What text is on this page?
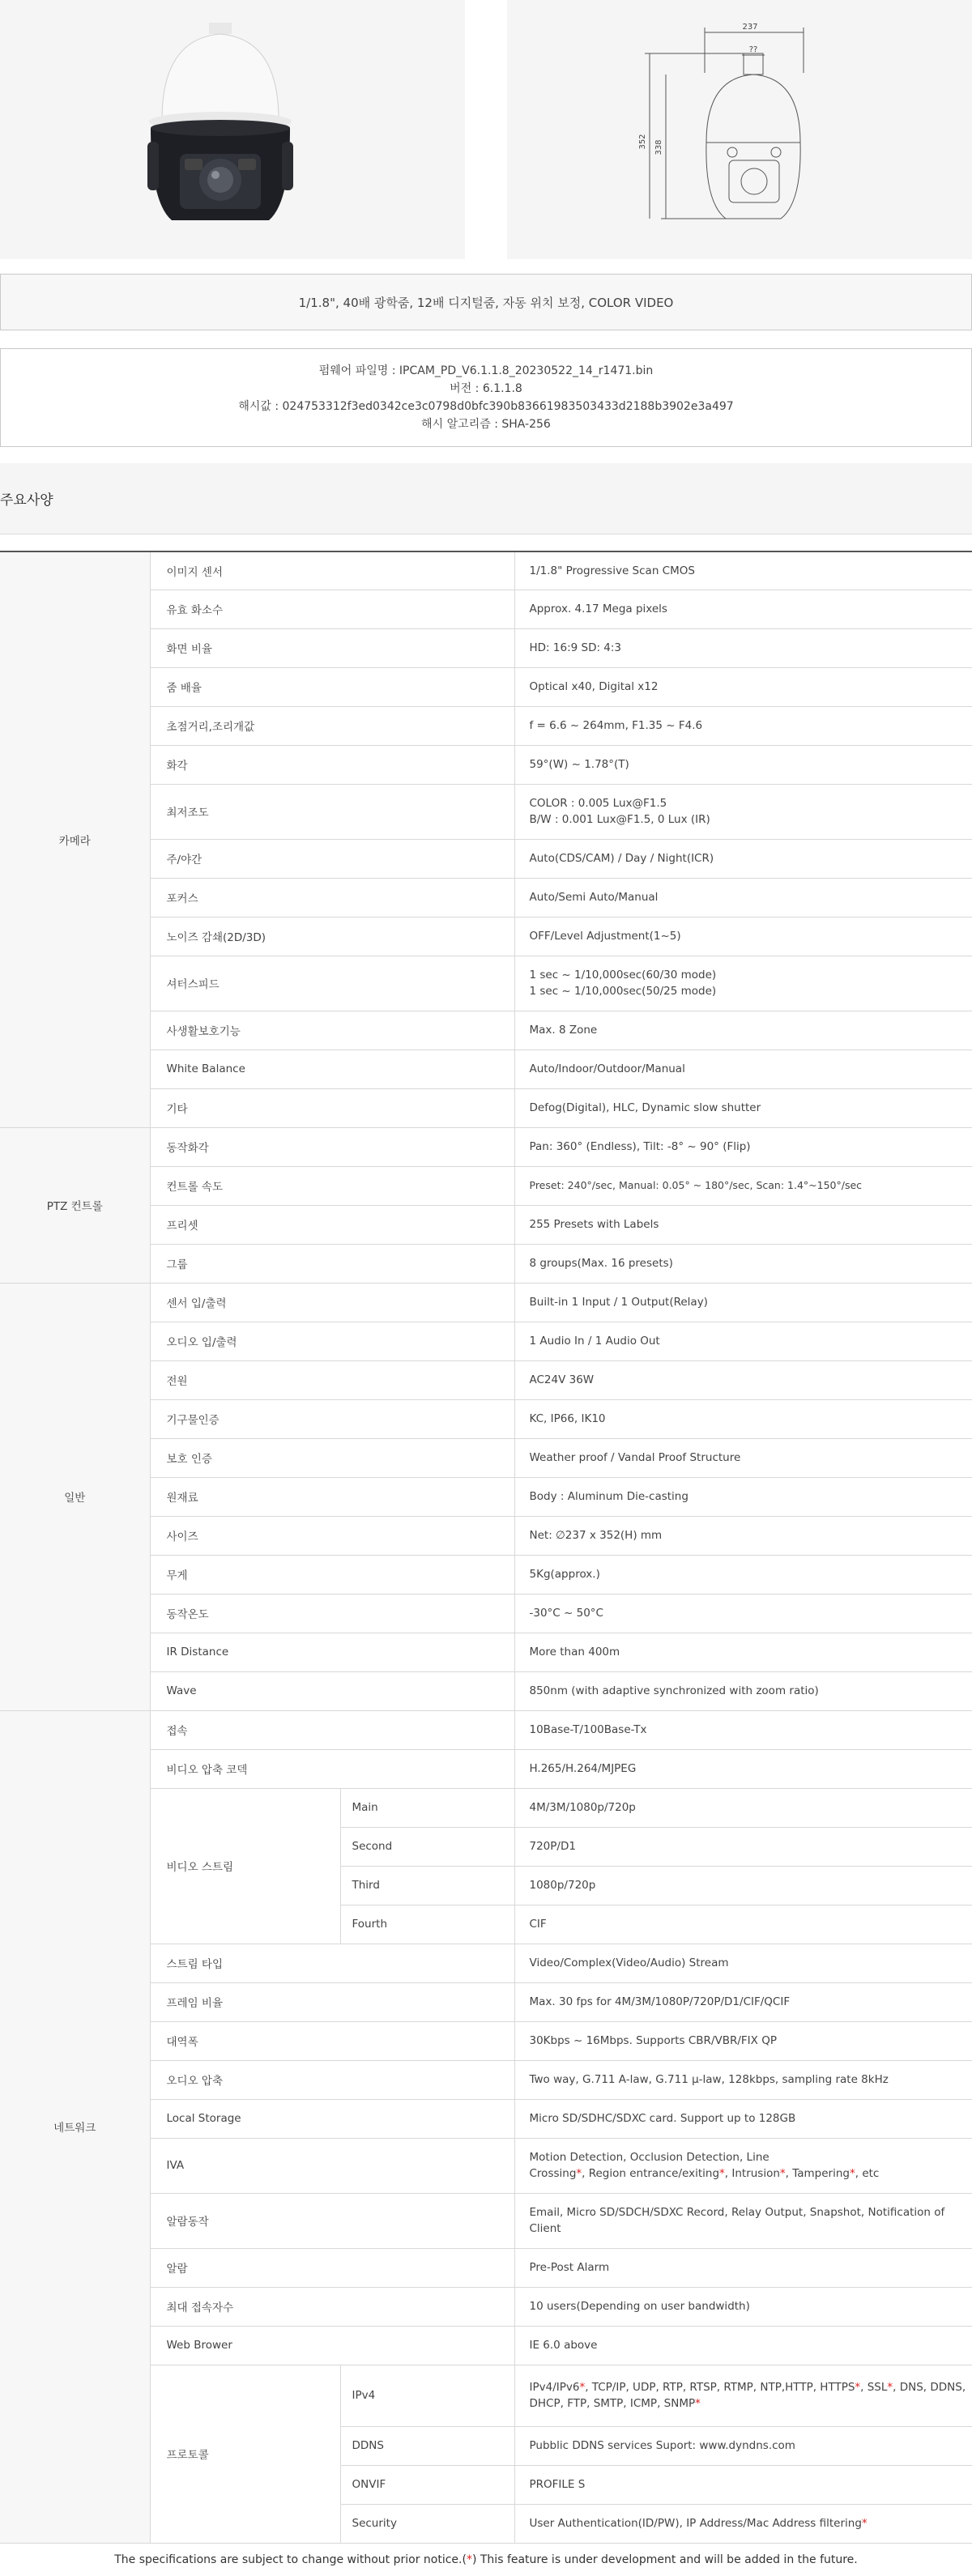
237
??
352 338
1/1.8", 40배 광학줌, 12배 디지털줌, 자동 위치 보정, COLOR VIDEO
펌웨어 파일명 : IPCAM_PD_V6.1.1.8_20230522_14_r1471.bin
버전 : 6.1.1.8
해시값 : 024753312f3ed0342ce3c0798d0bfc390b83661983503433d2188b3902e3a497
해시 알고리즘 : SHA-256
주요사양
카메라	이미지 센서		1/1.8" Progressive Scan CMOS
	유효 화소수		Approx. 4.17 Mega pixels
	화면 비율		HD: 16:9 SD: 4:3
	줌 배율		Optical x40, Digital x12
	초점거리,조리개값		f = 6.6 ~ 264mm, F1.35 ~ F4.6
	화각		59°(W) ~ 1.78°(T)
	최저조도		COLOR : 0.005 Lux@F1.5
B/W : 0.001 Lux@F1.5, 0 Lux (IR)

	주/야간		Auto(CDS/CAM) / Day / Night(ICR)
	포커스		Auto/Semi Auto/Manual
	노이즈 감쇄(2D/3D)		OFF/Level Adjustment(1~5)
	셔터스피드		1 sec ~ 1/10,000sec(60/30 mode)
1 sec ~ 1/10,000sec(50/25 mode)

	사생활보호기능		Max. 8 Zone
	White Balance		Auto/Indoor/Outdoor/Manual
	기타		Defog(Digital), HLC, Dynamic slow shutter
PTZ 컨트롤	동작화각		Pan: 360° (Endless), Tilt: -8° ~ 90° (Flip)
	컨트롤 속도		Preset: 240°/sec, Manual: 0.05° ~ 180°/sec, Scan: 1.4°~150°/sec
	프리셋		255 Presets with Labels
	그룹		8 groups(Max. 16 presets)
일반	센서 입/출력		Built-in 1 Input / 1 Output(Relay)
	오디오 입/출력		1 Audio In / 1 Audio Out
	전원		AC24V 36W
	기구물인증		KC, IP66, IK10
	보호 인증		Weather proof / Vandal Proof Structure
	원재료		Body : Aluminum Die-casting
	사이즈		Net: ∅237 x 352(H) mm
	무게		5Kg(approx.)
	동작온도		-30°C ~ 50°C
	IR Distance		More than 400m
	Wave		850nm (with adaptive synchronized with zoom ratio)
네트워크	접속		10Base-T/100Base-Tx
	비디오 압축 코덱		H.265/H.264/MJPEG
	비디오 스트림	Main	4M/3M/1080p/720p
		Second	720P/D1
		Third	1080p/720p
		Fourth	CIF
	스트림 타입		Video/Complex(Video/Audio) Stream
	프레임 비율		Max. 30 fps for 4M/3M/1080P/720P/D1/CIF/QCIF
	대역폭		30Kbps ~ 16Mbps. Supports CBR/VBR/FIX QP
	오디오 압축		Two way, G.711 A-law, G.711 μ-law, 128kbps, sampling rate 8kHz
	Local Storage		Micro SD/SDHC/SDXC card. Support up to 128GB
	IVA		Motion Detection, Occlusion Detection, Line
Crossing*, Region entrance/exiting*, Intrusion*, Tampering*, etc

	알람동작		Email, Micro SD/SDCH/SDXC Record, Relay Output, Snapshot, Notification of
Client

	알람		Pre-Post Alarm
	최대 접속자수		10 users(Depending on user bandwidth)
	Web Brower		IE 6.0 above
	프로토콜	IPv4	IPv4/IPv6*, TCP/IP, UDP, RTP, RTSP, RTMP, NTP,HTTP, HTTPS*, SSL*, DNS, DDNS,
DHCP, FTP, SMTP, ICMP, SNMP*

		DDNS	Pubblic DDNS services Suport: www.dyndns.com
		ONVIF	PROFILE S
		Security	User Authentication(ID/PW), IP Address/Mac Address filtering*
The specifications are subject to change without prior notice.( * ) This feature is under development and will be added in the future.
